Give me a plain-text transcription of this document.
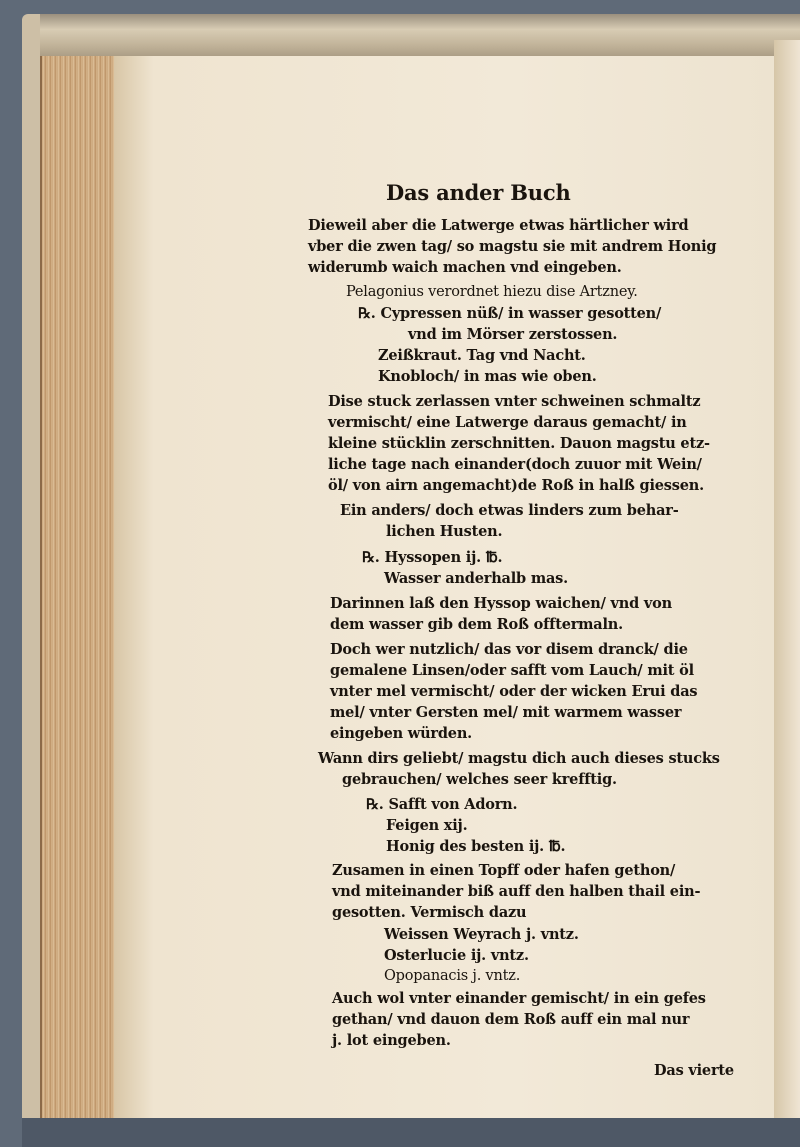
Das ander Buch
Dieweil aber die Latwerge etwas härtlicher wird
vber die zwen tag/ so magstu sie mit andrem Honig
widerumb waich machen vnd eingeben.
Pelagonius verordnet hiezu dise Artzney.
℞. Cypressen nüß/ in wasser gesotten/
vnd im Mörser zerstossen.
Zeißkraut. Tag vnd Nacht.
Knobloch/ in mas wie oben.
Dise stuck zerlassen vnter schweinen schmaltz
vermischt/ eine Latwerge daraus gemacht/ in
kleine stücklin zerschnitten. Dauon magstu etz-
liche tage nach einander(doch zuuor mit Wein/
öl/ von airn angemacht)de Roß in halß giessen.
Ein anders/ doch etwas linders zum behar-
lichen Husten.
℞. Hyssopen ij. ℔.
Wasser anderhalb mas.
Darinnen laß den Hyssop waichen/ vnd von
dem wasser gib dem Roß offtermaln.
Doch wer nutzlich/ das vor disem dranck/ die
gemalene Linsen/oder safft vom Lauch/ mit öl
vnter mel vermischt/ oder der wicken Erui das
mel/ vnter Gersten mel/ mit warmem wasser
eingeben würden.
Wann dirs geliebt/ magstu dich auch dieses stucks
gebrauchen/ welches seer krefftig.
℞. Safft von Adorn.
Feigen xij.
Honig des besten ij. ℔.
Zusamen in einen Topff oder hafen gethon/
vnd miteinander biß auff den halben thail ein-
gesotten. Vermisch dazu
Weissen Weyrach j. vntz.
Osterlucie ij. vntz.
Opopanacis j. vntz.
Auch wol vnter einander gemischt/ in ein gefes
gethan/ vnd dauon dem Roß auff ein mal nur
j. lot eingeben.
Das vierte
